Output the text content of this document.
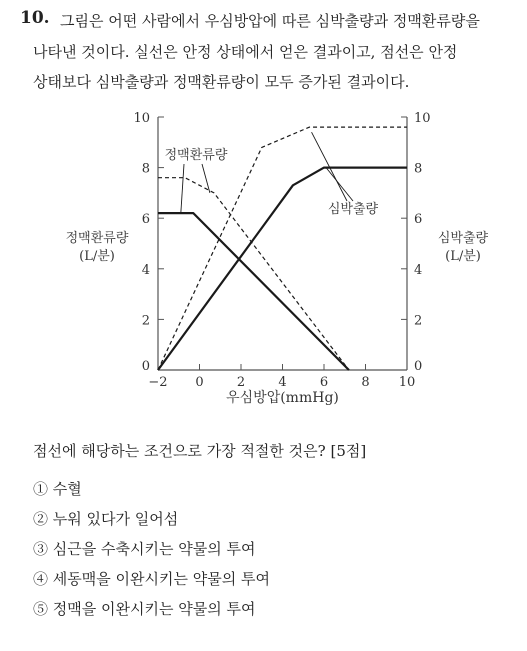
10. 그림은 어떤 사람에서 우심방압에 따른 심박출량과 정맥환류량을
나타낸 것이다. 실선은 안정 상태에서 얻은 결과이고, 점선은 안정
상태보다 심박출량과 정맥환류량이 모두 증가된 결과이다.
0
2
4
6
8
10
0
2
4
6
8
10
−2 0	2	4	6	8 10
우심방압(mmHg)
정맥환류량
(L/분)
심박출량
(L/분)
정맥환류량
심박출량
점선에 해당하는 조건으로 가장 적절한 것은? [5점]
① 수혈
② 누워 있다가 일어섬
③ 심근을 수축시키는 약물의 투여
④ 세동맥을 이완시키는 약물의 투여
⑤ 정맥을 이완시키는 약물의 투여
